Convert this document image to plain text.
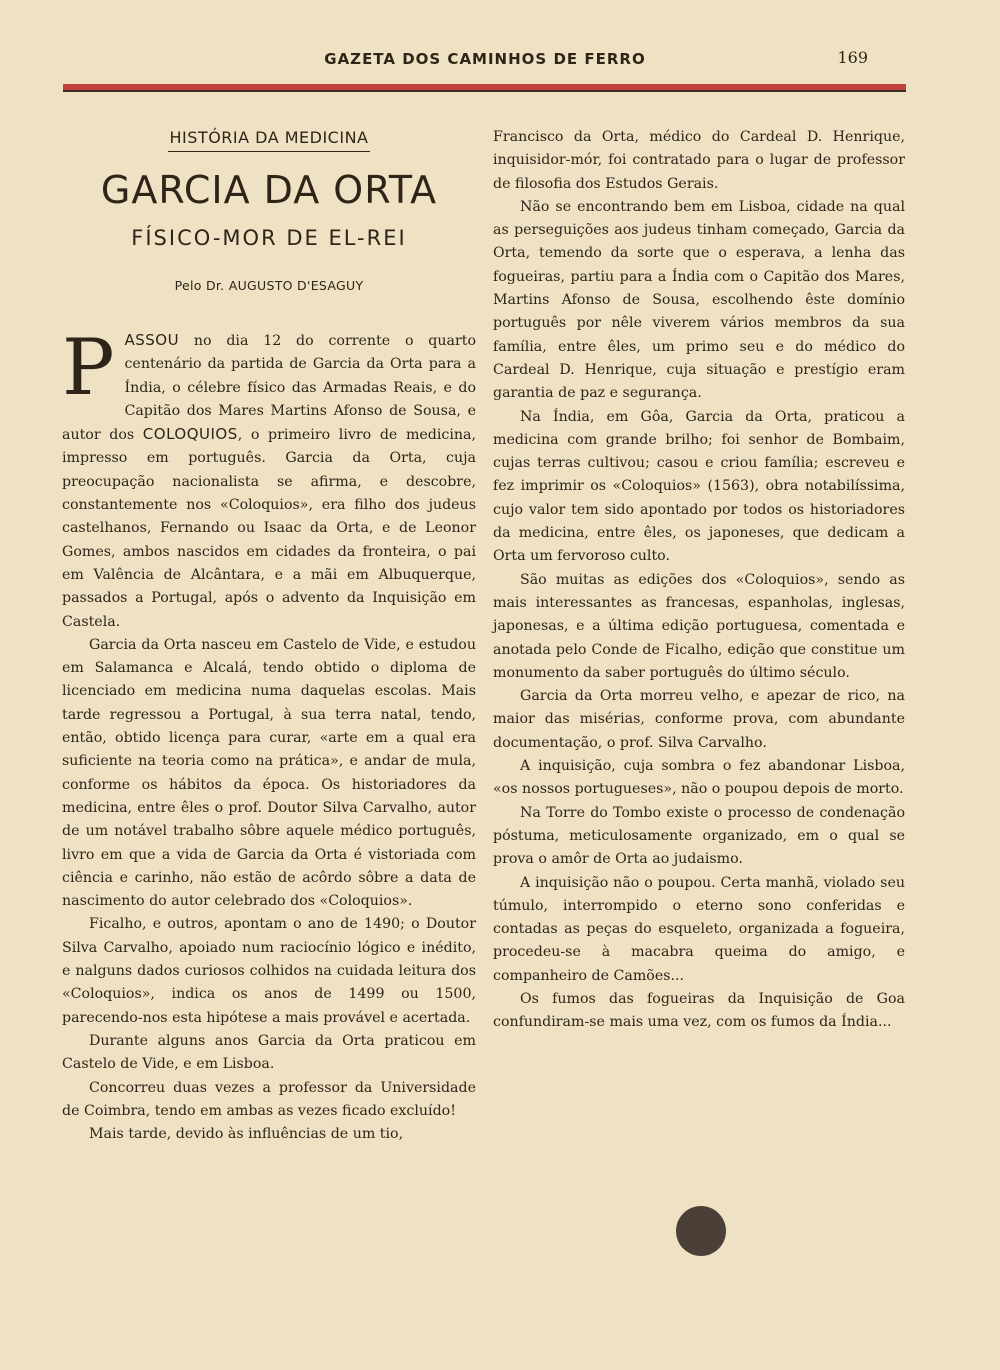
GAZETA DOS CAMINHOS DE FERRO	169
HISTÓRIA DA MEDICINA
GARCIA DA ORTA
FÍSICO-MOR DE EL-REI
Pelo Dr. AUGUSTO D'ESAGUY

PASSOU no dia 12 do corrente o quarto centenário da partida de Garcia da Orta para a Índia, o célebre físico das Armadas Reais, e do Capitão dos Mares Martins Afonso de Sousa, e autor dos COLOQUIOS, o primeiro livro de medicina, impresso em português. Garcia da Orta, cuja preocupação nacionalista se afirma, e descobre, constantemente nos «Coloquios», era filho dos judeus castelhanos, Fernando ou Isaac da Orta, e de Leonor Gomes, ambos nascidos em cidades da fronteira, o pai em Valência de Alcântara, e a mãi em Albuquerque, passados a Portugal, após o advento da Inquisição em Castela.

Garcia da Orta nasceu em Castelo de Vide, e estudou em Salamanca e Alcalá, tendo obtido o diploma de licenciado em medicina numa daquelas escolas. Mais tarde regressou a Portugal, à sua terra natal, tendo, então, obtido licença para curar, «arte em a qual era suficiente na teoria como na prática», e andar de mula, conforme os hábitos da época. Os historiadores da medicina, entre êles o prof. Doutor Silva Carvalho, autor de um notável trabalho sôbre aquele médico português, livro em que a vida de Garcia da Orta é vistoriada com ciência e carinho, não estão de acôrdo sôbre a data de nascimento do autor celebrado dos «Coloquios».

Ficalho, e outros, apontam o ano de 1490; o Doutor Silva Carvalho, apoiado num raciocínio lógico e inédito, e nalguns dados curiosos colhidos na cuidada leitura dos «Coloquios», indica os anos de 1499 ou 1500, parecendo-nos esta hipótese a mais provável e acertada.

Durante alguns anos Garcia da Orta praticou em Castelo de Vide, e em Lisboa.

Concorreu duas vezes a professor da Universidade de Coimbra, tendo em ambas as vezes ficado excluído!

Mais tarde, devido às influências de um tio,

Francisco da Orta, médico do Cardeal D. Henrique, inquisidor-mór, foi contratado para o lugar de professor de filosofia dos Estudos Gerais.

Não se encontrando bem em Lisboa, cidade na qual as perseguições aos judeus tinham começado, Garcia da Orta, temendo da sorte que o esperava, a lenha das fogueiras, partiu para a Índia com o Capitão dos Mares, Martins Afonso de Sousa, escolhendo êste domínio português por nêle viverem vários membros da sua família, entre êles, um primo seu e do médico do Cardeal D. Henrique, cuja situação e prestígio eram garantia de paz e segurança.

Na Índia, em Gôa, Garcia da Orta, praticou a medicina com grande brilho; foi senhor de Bombaim, cujas terras cultivou; casou e criou família; escreveu e fez imprimir os «Coloquios» (1563), obra notabilíssima, cujo valor tem sido apontado por todos os historiadores da medicina, entre êles, os japoneses, que dedicam a Orta um fervoroso culto.

São muitas as edições dos «Coloquios», sendo as mais interessantes as francesas, espanholas, inglesas, japonesas, e a última edição portuguesa, comentada e anotada pelo Conde de Ficalho, edição que constitue um monumento da saber português do último século.

Garcia da Orta morreu velho, e apezar de rico, na maior das misérias, conforme prova, com abundante documentação, o prof. Silva Carvalho.

A inquisição, cuja sombra o fez abandonar Lisboa, «os nossos portugueses», não o poupou depois de morto.

Na Torre do Tombo existe o processo de condenação póstuma, meticulosamente organizado, em o qual se prova o amôr de Orta ao judaismo.

A inquisição não o poupou. Certa manhã, violado seu túmulo, interrompido o eterno sono conferidas e contadas as peças do esqueleto, organizada a fogueira, procedeu-se à macabra queima do amigo, e companheiro de Camões...

Os fumos das fogueiras da Inquisição de Goa confundiram-se mais uma vez, com os fumos da Índia...
